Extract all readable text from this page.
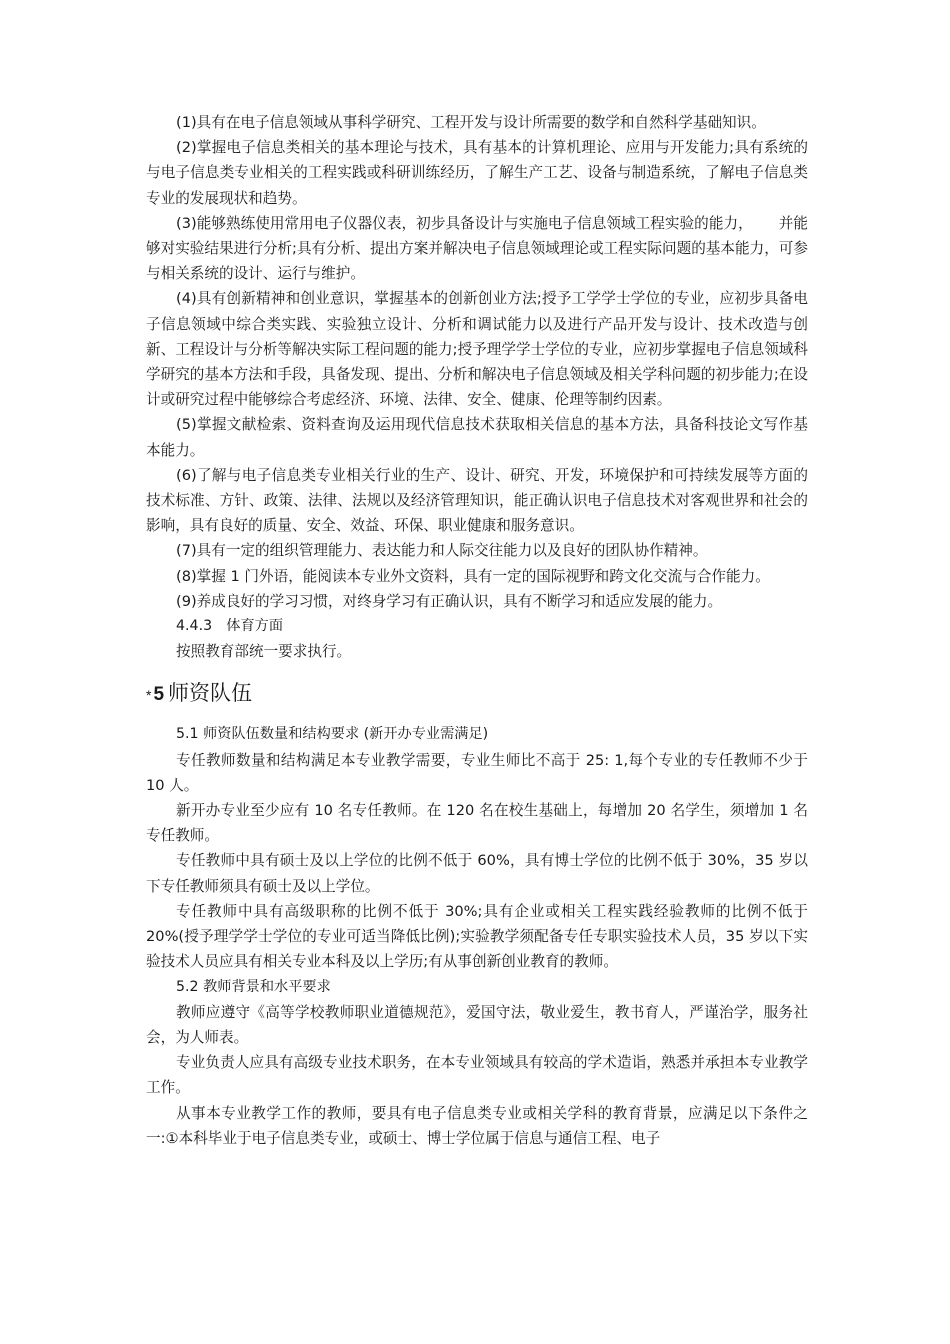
(1)具有在电子信息领域从事科学研究、工程开发与设计所需要的数学和自然科学基础知识。

(2)掌握电子信息类相关的基本理论与技术，具有基本的计算机理论、应用与开发能力;具有系统的与电子信息类专业相关的工程实践或科研训练经历，了解生产工艺、设备与制造系统，了解电子信息类专业的发展现状和趋势。

(3)能够熟练使用常用电子仪器仪表，初步具备设计与实施电子信息领域工程实验的能力， 并能够对实验结果进行分析;具有分析、提出方案并解决电子信息领域理论或工程实际问题的基本能力，可参与相关系统的设计、运行与维护。

(4)具有创新精神和创业意识，掌握基本的创新创业方法;授予工学学士学位的专业，应初步具备电子信息领域中综合类实践、实验独立设计、分析和调试能力以及进行产品开发与设计、技术改造与创新、工程设计与分析等解决实际工程问题的能力;授予理学学士学位的专业，应初步掌握电子信息领域科学研究的基本方法和手段，具备发现、提出、分析和解决电子信息领域及相关学科问题的初步能力;在设计或研究过程中能够综合考虑经济、环境、法律、安全、健康、伦理等制约因素。

(5)掌握文献检索、资料查询及运用现代信息技术获取相关信息的基本方法，具备科技论文写作基本能力。

(6)了解与电子信息类专业相关行业的生产、设计、研究、开发，环境保护和可持续发展等方面的技术标准、方针、政策、法律、法规以及经济管理知识，能正确认识电子信息技术对客观世界和社会的影响，具有良好的质量、安全、效益、环保、职业健康和服务意识。

(7)具有一定的组织管理能力、表达能力和人际交往能力以及良好的团队协作精神。

(8)掌握 1 门外语，能阅读本专业外文资料，具有一定的国际视野和跨文化交流与合作能力。

(9)养成良好的学习习惯，对终身学习有正确认识，具有不断学习和适应发展的能力。

4.4.3　体育方面

按照教育部统一要求执行。

* 5 师资队伍
5.1 师资队伍数量和结构要求 (新开办专业需满足)

专任教师数量和结构满足本专业教学需要，专业生师比不高于 25: 1,每个专业的专任教师不少于 10 人。

新开办专业至少应有 10 名专任教师。在 120 名在校生基础上，每增加 20 名学生，须增加 1 名专任教师。

专任教师中具有硕士及以上学位的比例不低于 60%，具有博士学位的比例不低于 30%，35 岁以下专任教师须具有硕士及以上学位。

专任教师中具有高级职称的比例不低于 30%;具有企业或相关工程实践经验教师的比例不低于 20%(授予理学学士学位的专业可适当降低比例);实验教学须配备专任专职实验技术人员，35 岁以下实验技术人员应具有相关专业本科及以上学历;有从事创新创业教育的教师。

5.2 教师背景和水平要求

教师应遵守《高等学校教师职业道德规范》，爱国守法，敬业爱生，教书育人，严谨治学，服务社会，为人师表。

专业负责人应具有高级专业技术职务，在本专业领域具有较高的学术造诣，熟悉并承担本专业教学工作。

从事本专业教学工作的教师，要具有电子信息类专业或相关学科的教育背景，应满足以下条件之一:①本科毕业于电子信息类专业，或硕士、博士学位属于信息与通信工程、电子
